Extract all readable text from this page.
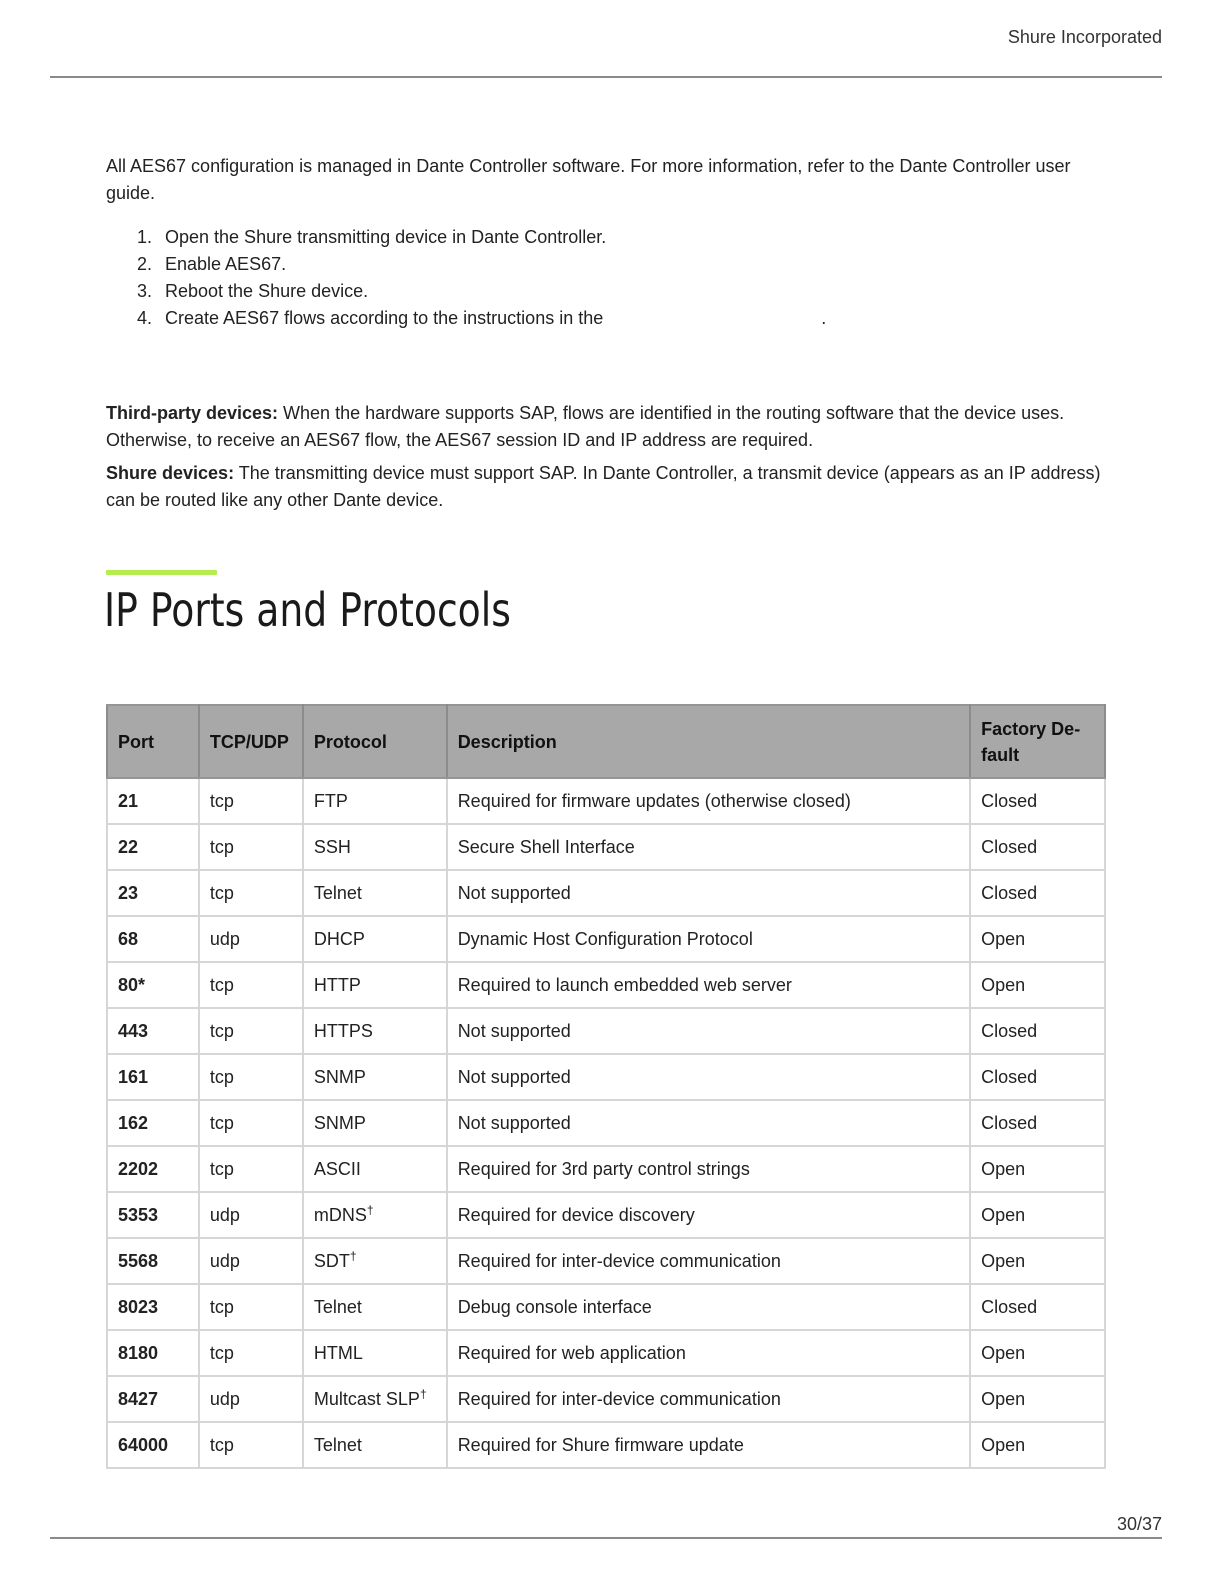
Shure Incorporated

All AES67 configuration is managed in Dante Controller software. For more information, refer to the Dante Controller user guide.

1. Open the Shure transmitting device in Dante Controller.
2. Enable AES67.
3. Reboot the Shure device.
4. Create AES67 flows according to the instructions in the	.

Third-party devices: When the hardware supports SAP, flows are identified in the routing software that the device uses. Otherwise, to receive an AES67 flow, the AES67 session ID and IP address are required.

Shure devices: The transmitting device must support SAP. In Dante Controller, a transmit device (appears as an IP address) can be routed like any other Dante device.

IP Ports and Protocols
Port	TCP/UDP	Protocol	Description	Factory De-fault
21	tcp	FTP	Required for firmware updates (otherwise closed)	Closed
22	tcp	SSH	Secure Shell Interface	Closed
23	tcp	Telnet	Not supported	Closed
68	udp	DHCP	Dynamic Host Configuration Protocol	Open
80*	tcp	HTTP	Required to launch embedded web server	Open
443	tcp	HTTPS	Not supported	Closed
161	tcp	SNMP	Not supported	Closed
162	tcp	SNMP	Not supported	Closed
2202	tcp	ASCII	Required for 3rd party control strings	Open
5353	udp	mDNS†	Required for device discovery	Open
5568	udp	SDT†	Required for inter-device communication	Open
8023	tcp	Telnet	Debug console interface	Closed
8180	tcp	HTML	Required for web application	Open
8427	udp	Multcast SLP†	Required for inter-device communication	Open
64000	tcp	Telnet	Required for Shure firmware update	Open
30/37
